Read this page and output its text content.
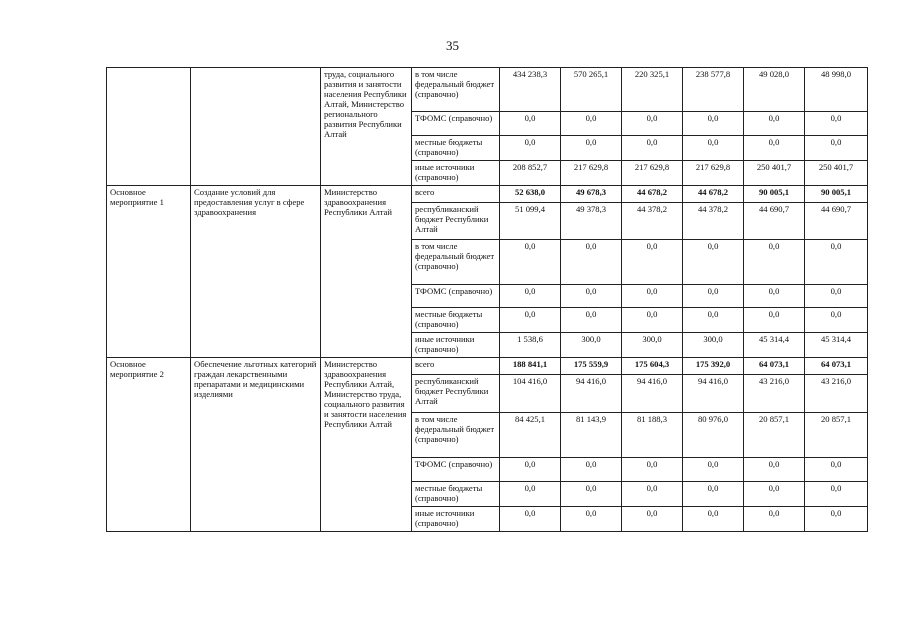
35
		труда, социального развития и занятости населения Республики Алтай, Министерство регионального развития Республики Алтай	в том числе федеральный бюджет (справочно)	434 238,3	570 265,1	220 325,1	238 577,8	49 028,0	48 998,0
			ТФОМС (справочно)	0,0	0,0	0,0	0,0	0,0	0,0
			местные бюджеты (справочно)	0,0	0,0	0,0	0,0	0,0	0,0
			иные источники (справочно)	208 852,7	217 629,8	217 629,8	217 629,8	250 401,7	250 401,7
Основное мероприятие 1	Создание условий для предоставления услуг в сфере здравоохранения	Министерство здравоохранения Республики Алтай	всего	52 638,0	49 678,3	44 678,2	44 678,2	90 005,1	90 005,1
			республиканский бюджет Республики Алтай	51 099,4	49 378,3	44 378,2	44 378,2	44 690,7	44 690,7
			в том числе федеральный бюджет (справочно)	0,0	0,0	0,0	0,0	0,0	0,0
			ТФОМС (справочно)	0,0	0,0	0,0	0,0	0,0	0,0
			местные бюджеты (справочно)	0,0	0,0	0,0	0,0	0,0	0,0
			иные источники (справочно)	1 538,6	300,0	300,0	300,0	45 314,4	45 314,4
Основное мероприятие 2	Обеспечение льготных категорий граждан лекарственными препаратами и медицинскими изделиями	Министерство здравоохранения Республики Алтай, Министерство труда, социального развития и занятости населения Республики Алтай	всего	188 841,1	175 559,9	175 604,3	175 392,0	64 073,1	64 073,1
			республиканский бюджет Республики Алтай	104 416,0	94 416,0	94 416,0	94 416,0	43 216,0	43 216,0
			в том числе федеральный бюджет (справочно)	84 425,1	81 143,9	81 188,3	80 976,0	20 857,1	20 857,1
			ТФОМС (справочно)	0,0	0,0	0,0	0,0	0,0	0,0
			местные бюджеты (справочно)	0,0	0,0	0,0	0,0	0,0	0,0
			иные источники (справочно)	0,0	0,0	0,0	0,0	0,0	0,0
